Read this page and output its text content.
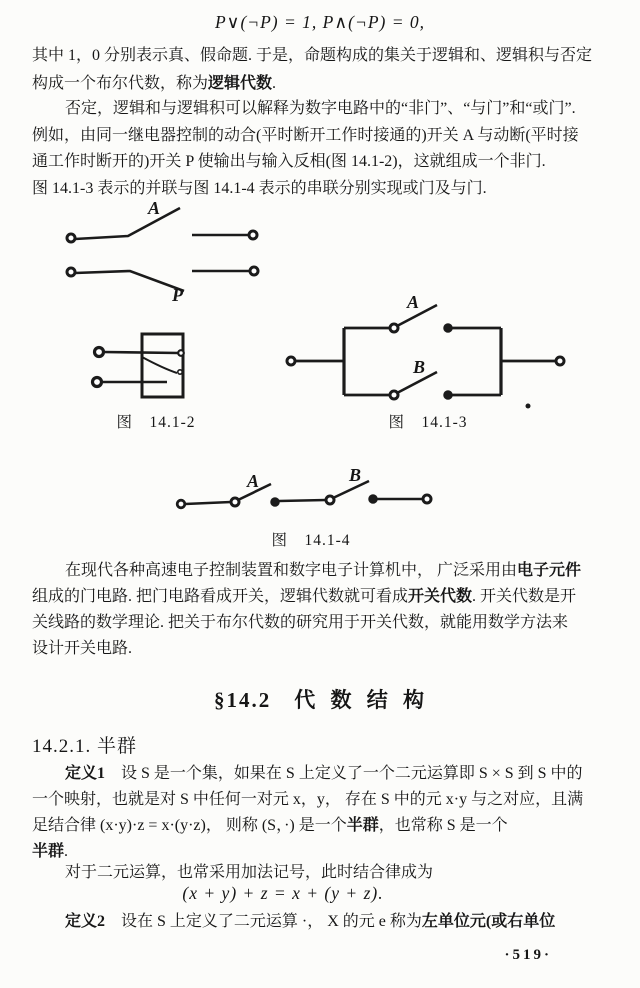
P∨(¬P) = 1, P∧(¬P) = 0,
其中 1，0 分别表示真、假命题. 于是，命题构成的集关于逻辑和、逻辑积与否定
构成一个布尔代数，称为逻辑代数.
否定，逻辑和与逻辑积可以解释为数字电路中的“非门”、“与门”和“或门”.
例如，由同一继电器控制的动合(平时断开工作时接通的)开关 A 与动断(平时接
通工作时断开的)开关 P 使输出与输入反相(图 14.1-2)，这就组成一个非门.
图 14.1-3 表示的并联与图 14.1-4 表示的串联分别实现或门及与门.
A
P
图　14.1-2
A
B
图　14.1-3
A	B
图　14.1-4
在现代各种高速电子控制装置和数字电子计算机中， 广泛采用由电子元件
组成的门电路. 把门电路看成开关，逻辑代数就可看成开关代数. 开关代数是开
关线路的数学理论. 把关于布尔代数的研究用于开关代数，就能用数学方法来
设计开关电路.
§14.2　代 数 结 构
14.2.1. 半群
定义1　设 S 是一个集，如果在 S 上定义了一个二元运算即 S × S 到 S 中的
一个映射，也就是对 S 中任何一对元 x，y， 存在 S 中的元 x·y 与之对应，且满
足结合律 (x·y)·z = x·(y·z)， 则称 (S，·) 是一个半群，也常称 S 是一个
半群.
对于二元运算，也常采用加法记号，此时结合律成为
(x + y) + z = x + (y + z).
定义2　设在 S 上定义了二元运算 ·， X 的元 e 称为左单位元(或右单位
·519·
